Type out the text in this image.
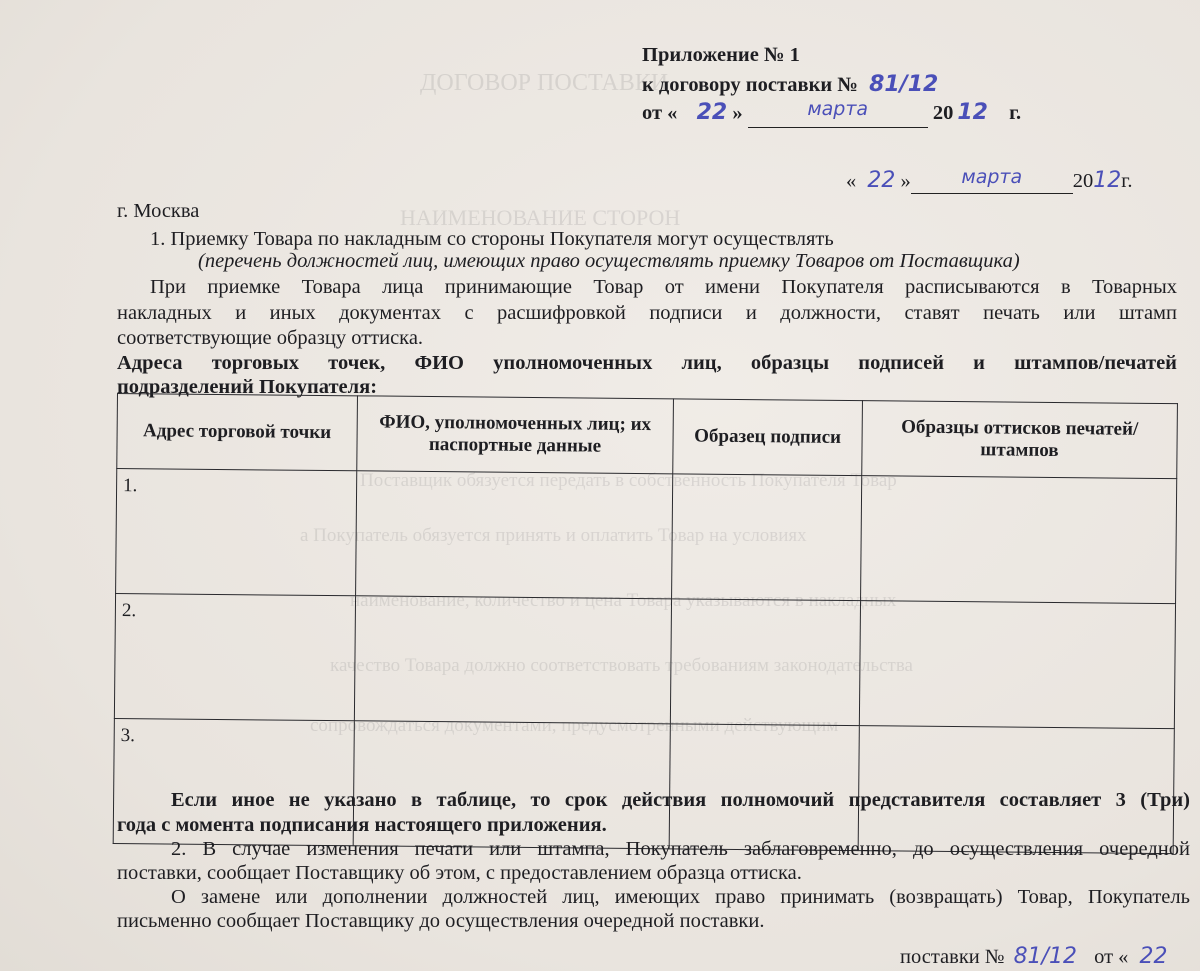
ДОГОВОР ПОСТАВКИ
НАИМЕНОВАНИЕ СТОРОН
Поставщик обязуется передать в собственность Покупателя Товар
а Покупатель обязуется принять и оплатить Товар на условиях
наименование, количество и цена Товара указываются в накладных
качество Товара должно соответствовать требованиям законодательства
сопровождаться документами, предусмотренными действующим
Приложение № 1
к договору поставки № 81/12
от « 22 »	марта	20 12 г.
« 22 »	марта 2012г.
г. Москва
1. Приемку Товара по накладным со стороны Покупателя могут осуществлять
(перечень должностей лиц, имеющих право осуществлять приемку Товаров от Поставщика)
При приемке Товара лица принимающие Товар от имени Покупателя расписываются в Товарных
накладных и иных документах с расшифровкой подписи и должности, ставят печать или штамп
соответствующие образцу оттиска.
Адреса торговых точек, ФИО уполномоченных лиц, образцы подписей и штампов/печатей
подразделений Покупателя:
Адрес торговой точки	ФИО, уполномоченных лиц; их паспортные данные	Образец подписи	Образцы оттисков печатей/штампов
1.			
2.			
3.			
Если иное не указано в таблице, то срок действия полномочий представителя составляет 3 (Три)
года с момента подписания настоящего приложения.
2. В случае изменения печати или штампа, Покупатель заблаговременно, до осуществления очередной
поставки, сообщает Поставщику об этом, с предоставлением образца оттиска.
О замене или дополнении должностей лиц, имеющих право принимать (возвращать) Товар, Покупатель
письменно сообщает Поставщику до осуществления очередной поставки.
поставки № 81/12 от « 22
